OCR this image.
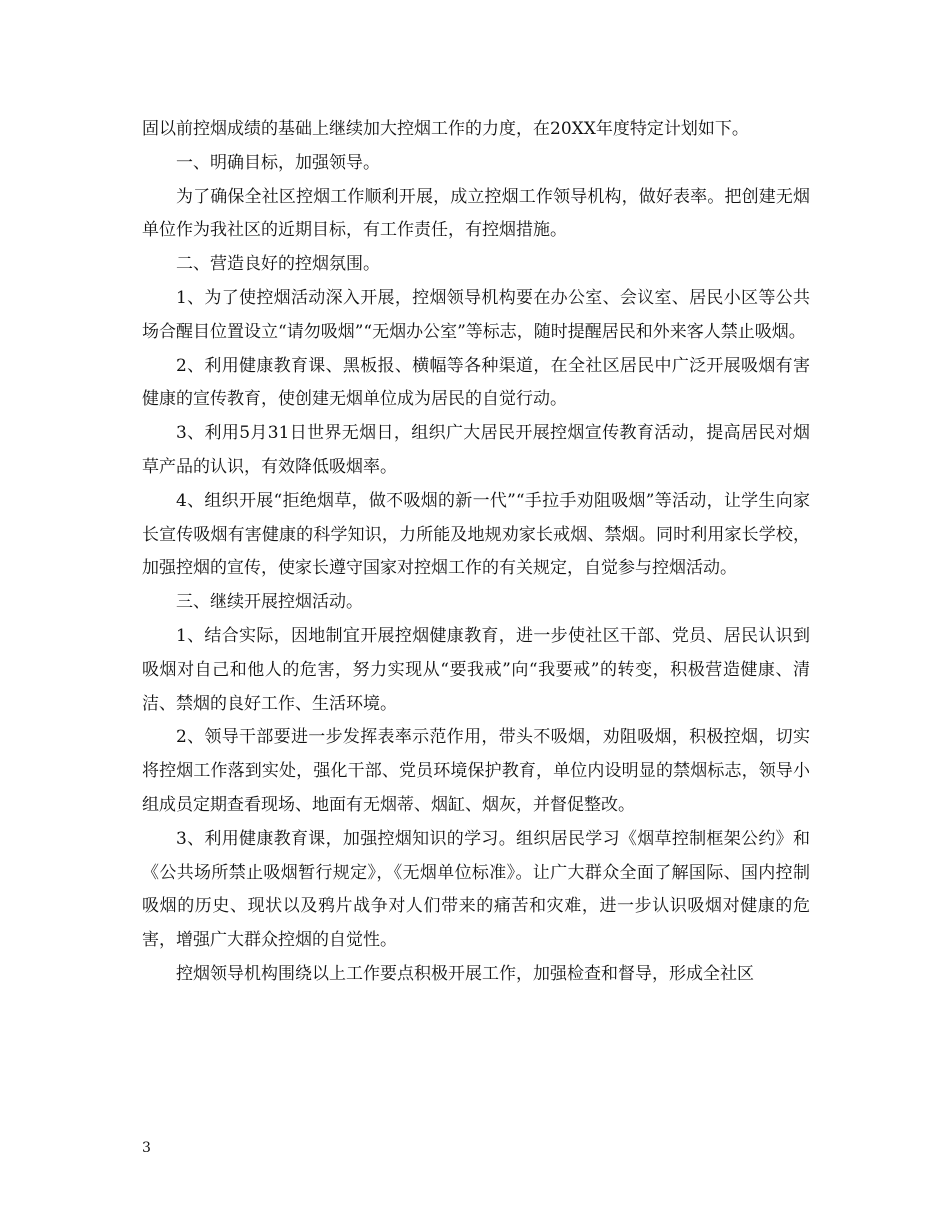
固以前控烟成绩的基础上继续加大控烟工作的力度，在20XX年度特定计划如下。

一、明确目标，加强领导。

为了确保全社区控烟工作顺利开展，成立控烟工作领导机构，做好表率。把创建无烟单位作为我社区的近期目标，有工作责任，有控烟措施。

二、营造良好的控烟氛围。

1、为了使控烟活动深入开展，控烟领导机构要在办公室、会议室、居民小区等公共场合醒目位置设立“请勿吸烟”“无烟办公室”等标志，随时提醒居民和外来客人禁止吸烟。

2、利用健康教育课、黑板报、横幅等各种渠道，在全社区居民中广泛开展吸烟有害健康的宣传教育，使创建无烟单位成为居民的自觉行动。

3、利用5月31日世界无烟日，组织广大居民开展控烟宣传教育活动，提高居民对烟草产品的认识，有效降低吸烟率。

4、组织开展“拒绝烟草，做不吸烟的新一代”“手拉手劝阻吸烟”等活动，让学生向家长宣传吸烟有害健康的科学知识，力所能及地规劝家长戒烟、禁烟。同时利用家长学校，加强控烟的宣传，使家长遵守国家对控烟工作的有关规定，自觉参与控烟活动。

三、继续开展控烟活动。

1、结合实际，因地制宜开展控烟健康教育，进一步使社区干部、党员、居民认识到吸烟对自己和他人的危害，努力实现从“要我戒”向“我要戒”的转变，积极营造健康、清洁、禁烟的良好工作、生活环境。

2、领导干部要进一步发挥表率示范作用，带头不吸烟，劝阻吸烟，积极控烟，切实将控烟工作落到实处，强化干部、党员环境保护教育，单位内设明显的禁烟标志，领导小组成员定期查看现场、地面有无烟蒂、烟缸、烟灰，并督促整改。

3、利用健康教育课，加强控烟知识的学习。组织居民学习《烟草控制框架公约》和《公共场所禁止吸烟暂行规定》，《无烟单位标准》。让广大群众全面了解国际、国内控制吸烟的历史、现状以及鸦片战争对人们带来的痛苦和灾难，进一步认识吸烟对健康的危害，增强广大群众控烟的自觉性。

控烟领导机构围绕以上工作要点积极开展工作，加强检查和督导，形成全社区

3
